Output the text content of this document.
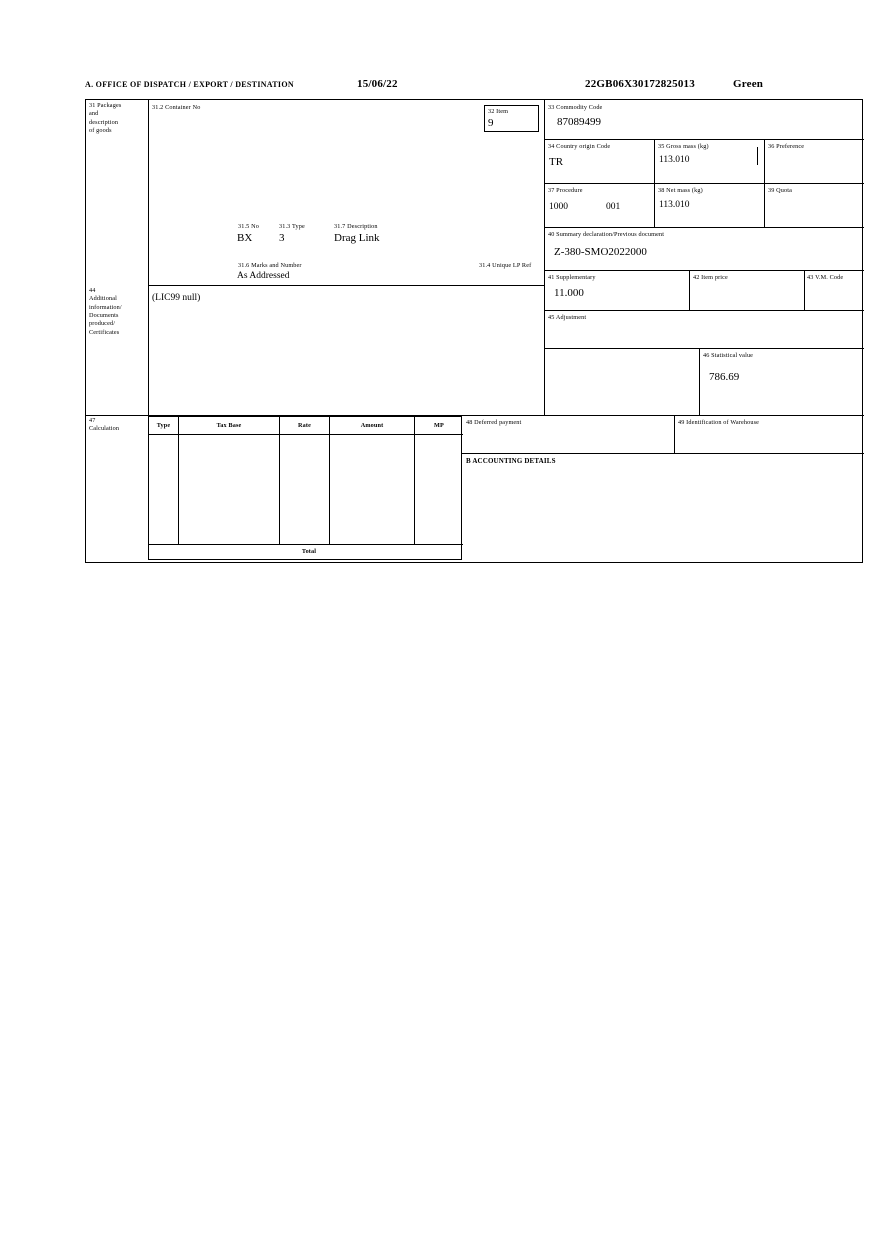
A. OFFICE OF DISPATCH / EXPORT / DESTINATION	15/06/22	22GB06X30172825013	Green
31 Packages
and
description
of goods
31.2 Container No
31.5 No	31.3 Type	31.7 Description
BX 3	Drag Link
31.6 Marks and Number
As Addressed
31.4 Unique LP Ref
32 Item
9
33 Commodity Code
87089499
34 Country origin Code
TR
35 Gross mass (kg)
113.010
36 Preference
37 Procedure
1000	001
38 Net mass (kg)
113.010
39 Quota
40 Summary declaration/Previous document
Z-380-SMO2022000
41 Supplementary
11.000
42 Item price	43 V.M. Code
45 Adjustment
46 Statistical value
786.69
44
Additional
information/
Documents
produced/
Certificates
(LIC99 null)
47
Calculation	Type	Tax Base	Rate	Amount	MP
Total
48 Deferred payment	49 Identification of Warehouse
B ACCOUNTING DETAILS
